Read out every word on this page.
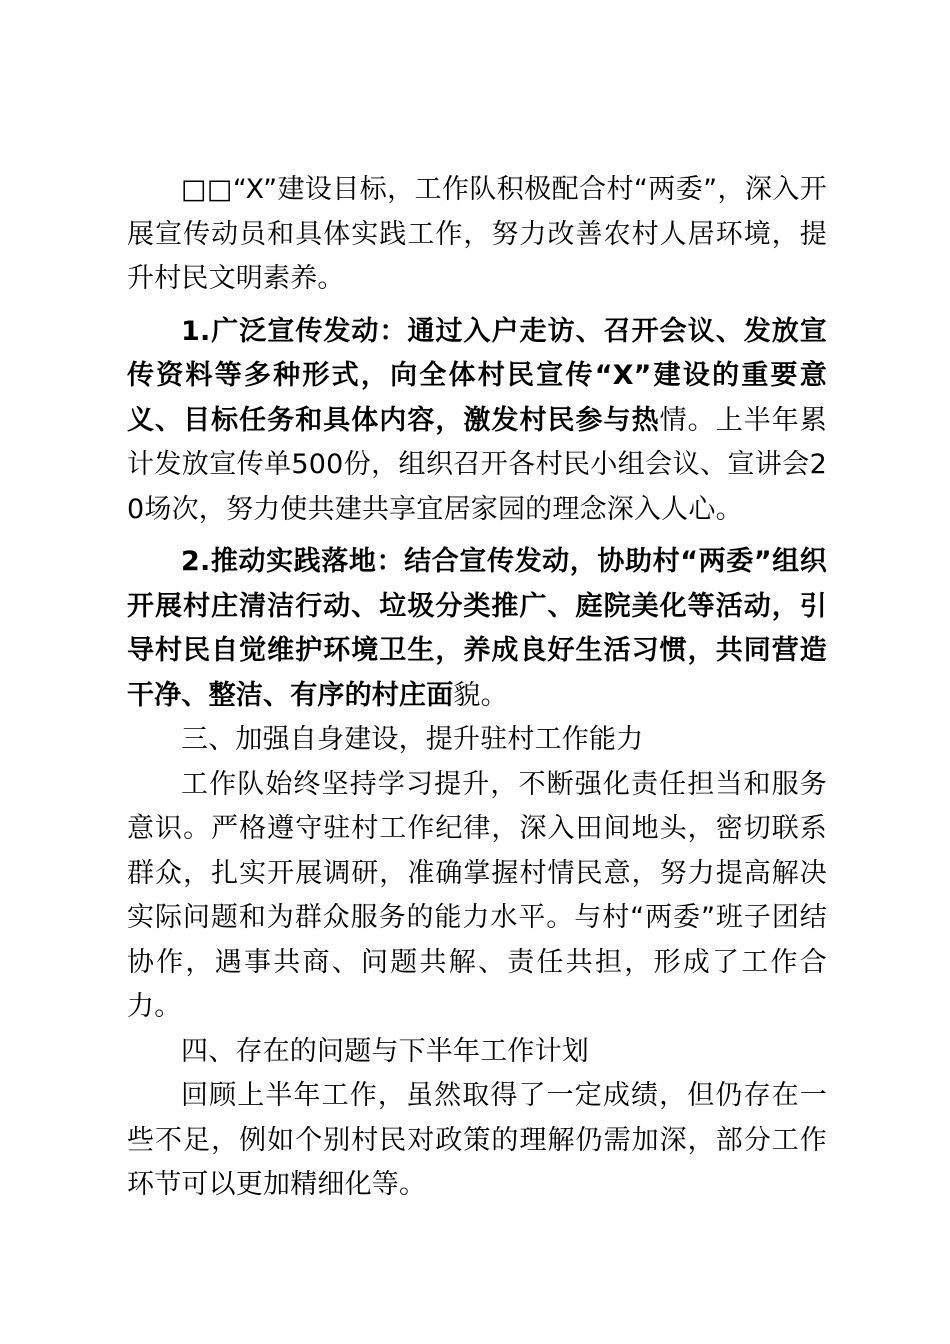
□□“X”建设目标，工作队积极配合村“两委”，深入开展宣传动员和具体实践工作，努力改善农村人居环境，提升村民文明素养。

1.广泛宣传发动：通过入户走访、召开会议、发放宣传资料等多种形式，向全体村民宣传“X”建设的重要意义、目标任务和具体内容，激发村民参与热情。上半年累计发放宣传单500份，组织召开各村民小组会议、宣讲会20场次，努力使共建共享宜居家园的理念深入人心。

2.推动实践落地：结合宣传发动，协助村“两委”组织开展村庄清洁行动、垃圾分类推广、庭院美化等活动，引导村民自觉维护环境卫生，养成良好生活习惯，共同营造干净、整洁、有序的村庄面貌。

三、加强自身建设，提升驻村工作能力

工作队始终坚持学习提升，不断强化责任担当和服务意识。严格遵守驻村工作纪律，深入田间地头，密切联系群众，扎实开展调研，准确掌握村情民意，努力提高解决实际问题和为群众服务的能力水平。与村“两委”班子团结协作，遇事共商、问题共解、责任共担，形成了工作合力。

四、存在的问题与下半年工作计划

回顾上半年工作，虽然取得了一定成绩，但仍存在一些不足，例如个别村民对政策的理解仍需加深，部分工作环节可以更加精细化等。
